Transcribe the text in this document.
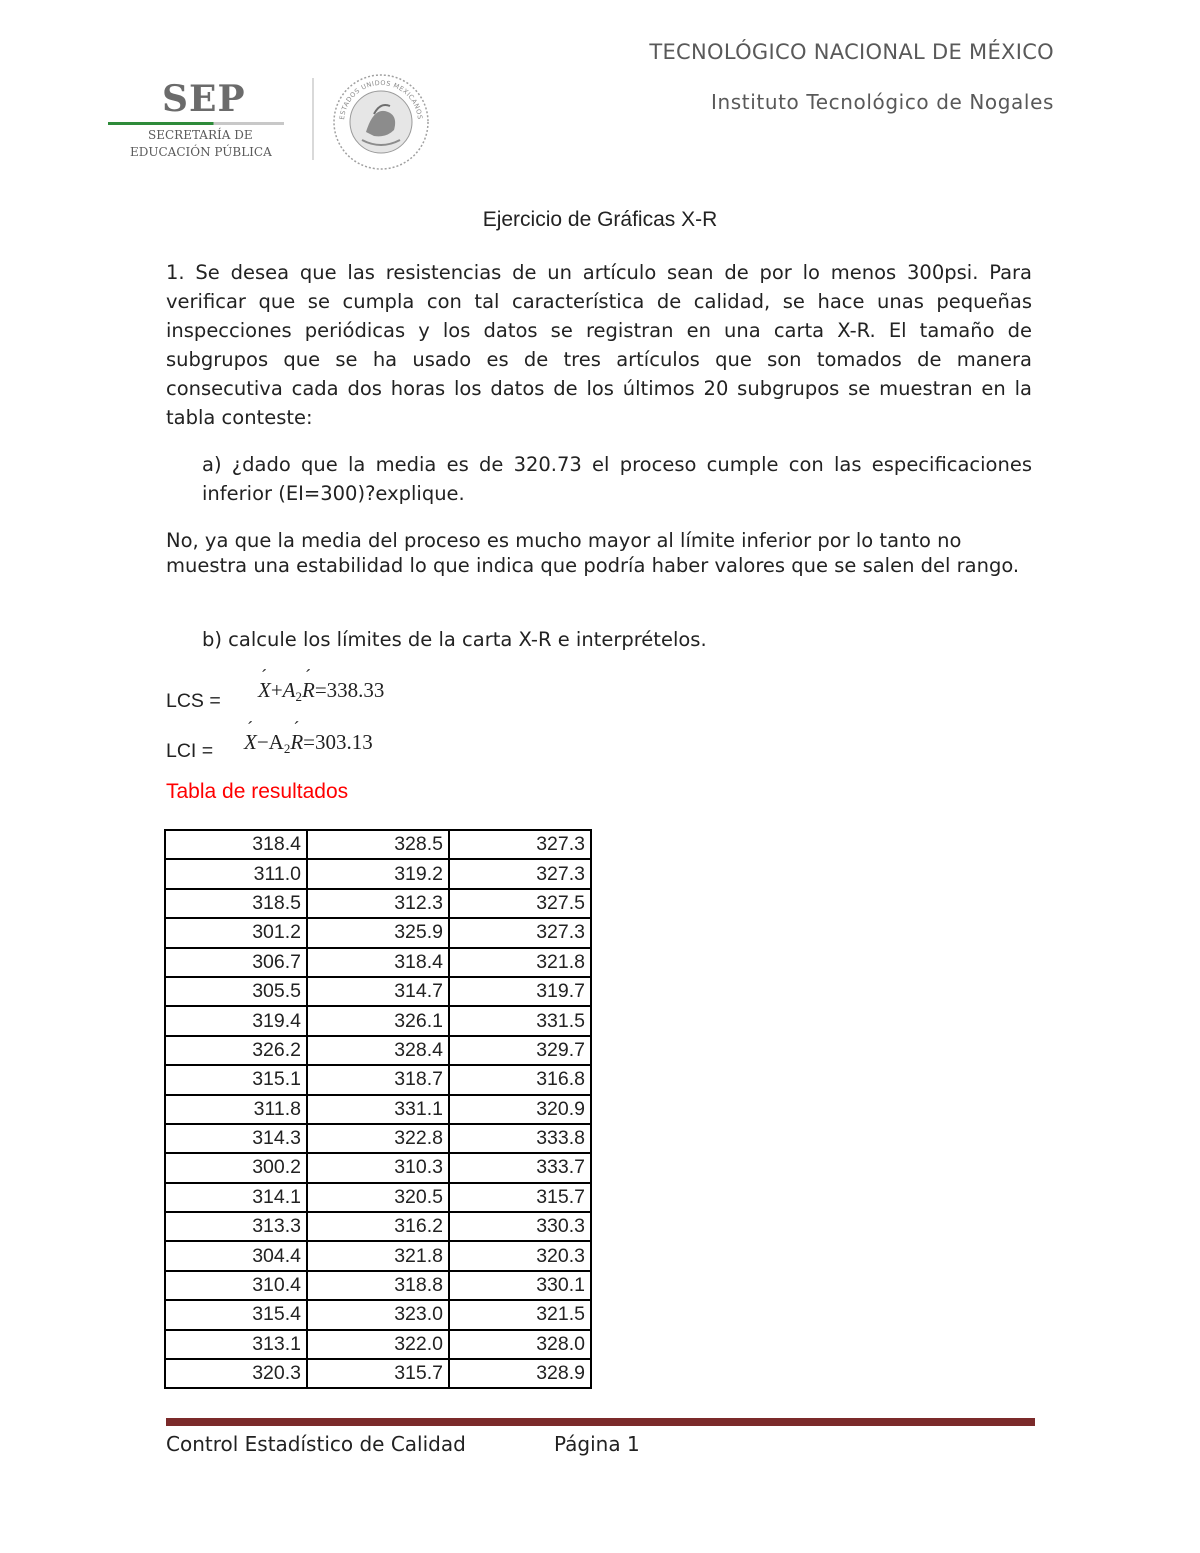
TECNOLÓGICO NACIONAL DE MÉXICO
Instituto Tecnológico de Nogales
SEP
SECRETARÍA DE
EDUCACIÓN PÚBLICA
ESTADOS UNIDOS MEXICANOS
Ejercicio de Gráficas X-R
1. Se desea que las resistencias de un artículo sean de por lo menos 300psi. Para verificar que se cumpla con tal característica de calidad, se hace unas pequeñas inspecciones periódicas y los datos se registran en una carta X-R. El tamaño de subgrupos que se ha usado es de tres artículos que son tomados de manera consecutiva cada dos horas los datos de los últimos 20 subgrupos se muestran en la tabla conteste:
a) ¿dado que la media es de 320.73 el proceso cumple con las especificaciones inferior (EI=300)?explique.
No, ya que la media del proceso es mucho mayor al límite inferior por lo tanto no muestra una estabilidad lo que indica que podría haber valores que se salen del rango.
b) calcule los límites de la carta X-R e interprételos.
LCS = ´ $X+A_2´$ R=338.33
LCI = ´ $X-A_2´$ R=303.13
Tabla de resultados
318.4	328.5	327.3
311.0	319.2	327.3
318.5	312.3	327.5
301.2	325.9	327.3
306.7	318.4	321.8
305.5	314.7	319.7
319.4	326.1	331.5
326.2	328.4	329.7
315.1	318.7	316.8
311.8	331.1	320.9
314.3	322.8	333.8
300.2	310.3	333.7
314.1	320.5	315.7
313.3	316.2	330.3
304.4	321.8	320.3
310.4	318.8	330.1
315.4	323.0	321.5
313.1	322.0	328.0
320.3	315.7	328.9
Control Estadístico de Calidad	Página 1
